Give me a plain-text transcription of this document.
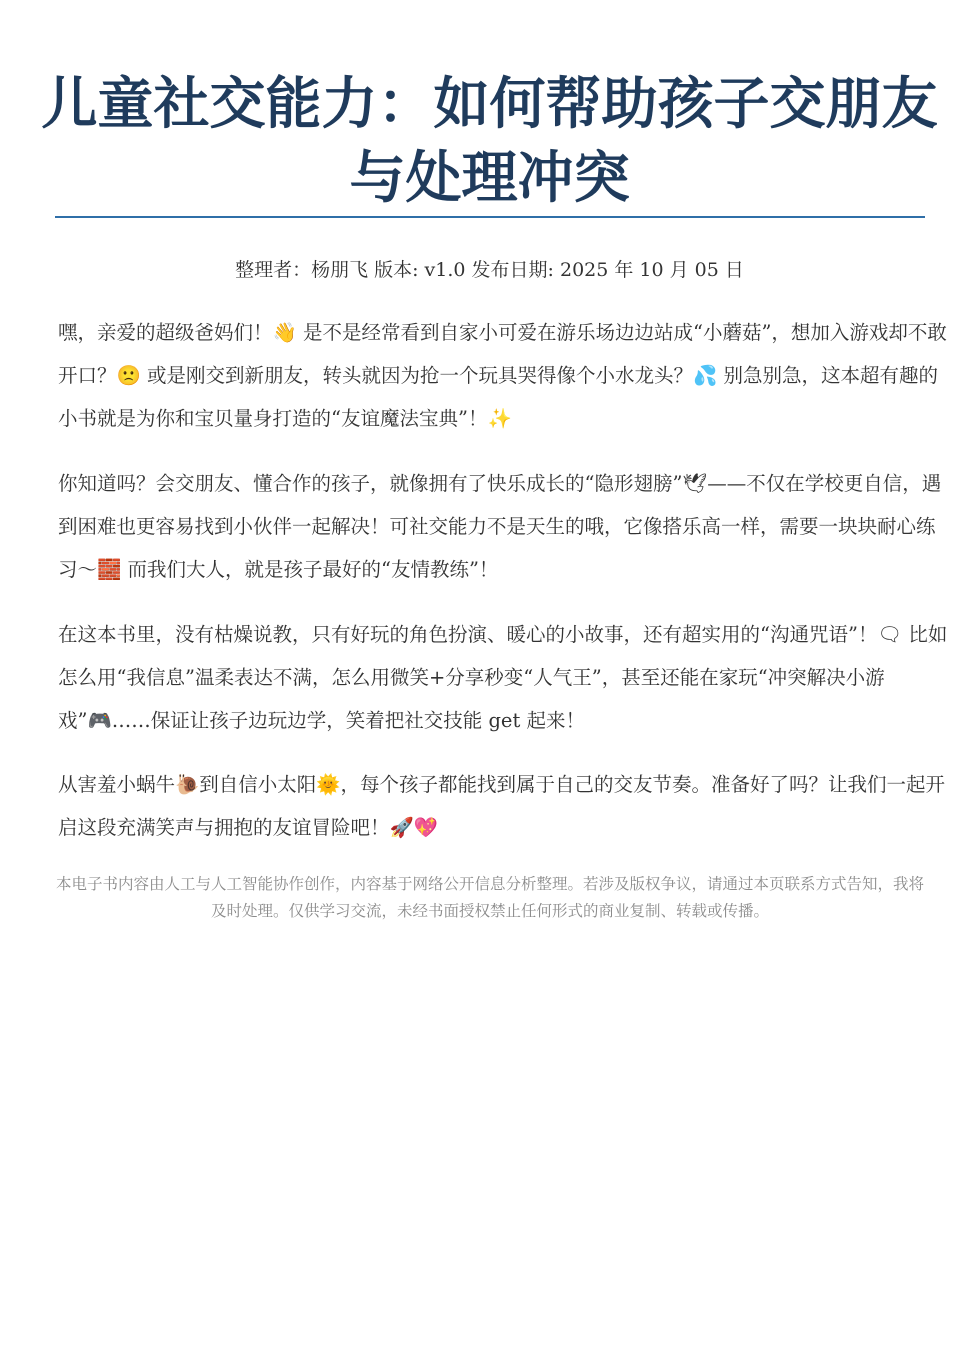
儿童社交能力：如何帮助孩子交朋友与处理冲突

整理者：杨朋飞 版本: v1.0 发布日期: 2025 年 10 月 05 日

嘿，亲爱的超级爸妈们！👋 是不是经常看到自家小可爱在游乐场边边站成“小蘑菇”，想加入游戏却不敢开口？🙁 或是刚交到新朋友，转头就因为抢一个玩具哭得像个小水龙头？💦 别急别急，这本超有趣的小书就是为你和宝贝量身打造的“友谊魔法宝典”！✨

你知道吗？会交朋友、懂合作的孩子，就像拥有了快乐成长的“隐形翅膀”🕊——不仅在学校更自信，遇到困难也更容易找到小伙伴一起解决！可社交能力不是天生的哦，它像搭乐高一样，需要一块块耐心练习～🧱 而我们大人，就是孩子最好的“友情教练”！

在这本书里，没有枯燥说教，只有好玩的角色扮演、暖心的小故事，还有超实用的“沟通咒语”！🗨 比如怎么用“我信息”温柔表达不满，怎么用微笑+分享秒变“人气王”，甚至还能在家玩“冲突解决小游戏”🎮……保证让孩子边玩边学，笑着把社交技能 get 起来！

从害羞小蜗牛🐌到自信小太阳🌞，每个孩子都能找到属于自己的交友节奏。准备好了吗？让我们一起开启这段充满笑声与拥抱的友谊冒险吧！🚀💖

本电子书内容由人工与人工智能协作创作，内容基于网络公开信息分析整理。若涉及版权争议，请通过本页联系方式告知，我将及时处理。仅供学习交流，未经书面授权禁止任何形式的商业复制、转载或传播。
